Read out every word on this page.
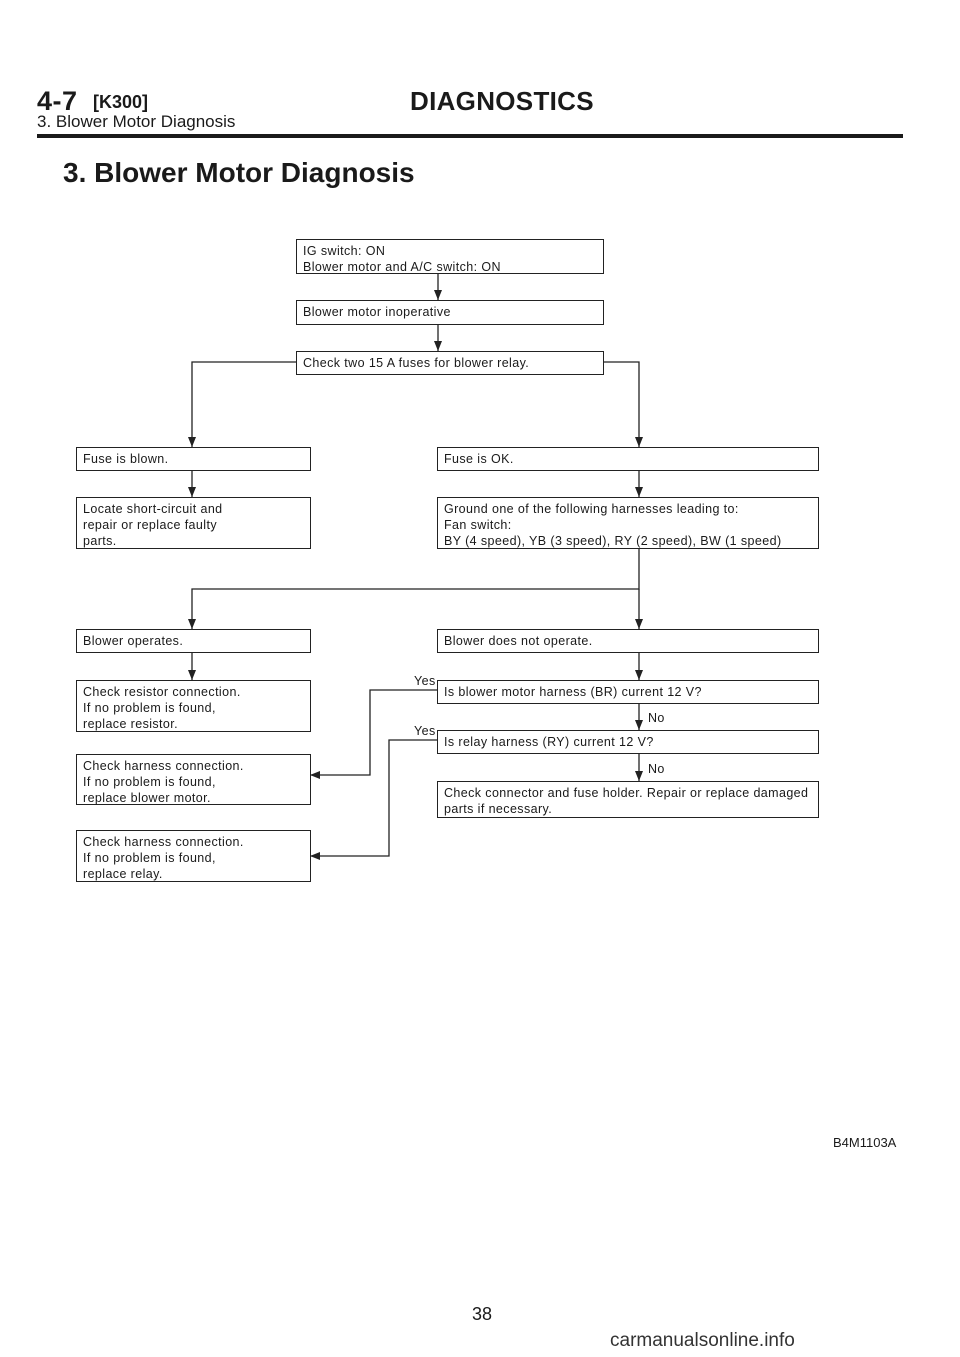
4-7 [K300]	DIAGNOSTICS
3. Blower Motor Diagnosis
3. Blower Motor Diagnosis
IG switch: ON
Blower motor and A/C switch: ON
Blower motor inoperative
Check two 15 A fuses for blower relay.
Fuse is blown.	Fuse is OK.
Locate short-circuit and
repair or replace faulty
parts.
Ground one of the following harnesses leading to:
Fan switch:
BY (4 speed), YB (3 speed), RY (2 speed), BW (1 speed)
Blower operates.	Blower does not operate.
Check resistor connection.
If no problem is found,
replace resistor.
Is blower motor harness (BR) current 12 V?
Is relay harness (RY) current 12 V?
Check harness connection.
If no problem is found,
replace blower motor.	Check connector and fuse holder. Repair or replace damaged
parts if necessary.
Check harness connection.
If no problem is found,
replace relay.
Yes
No
Yes
No
B4M1103A
38
carmanualsonline.info
